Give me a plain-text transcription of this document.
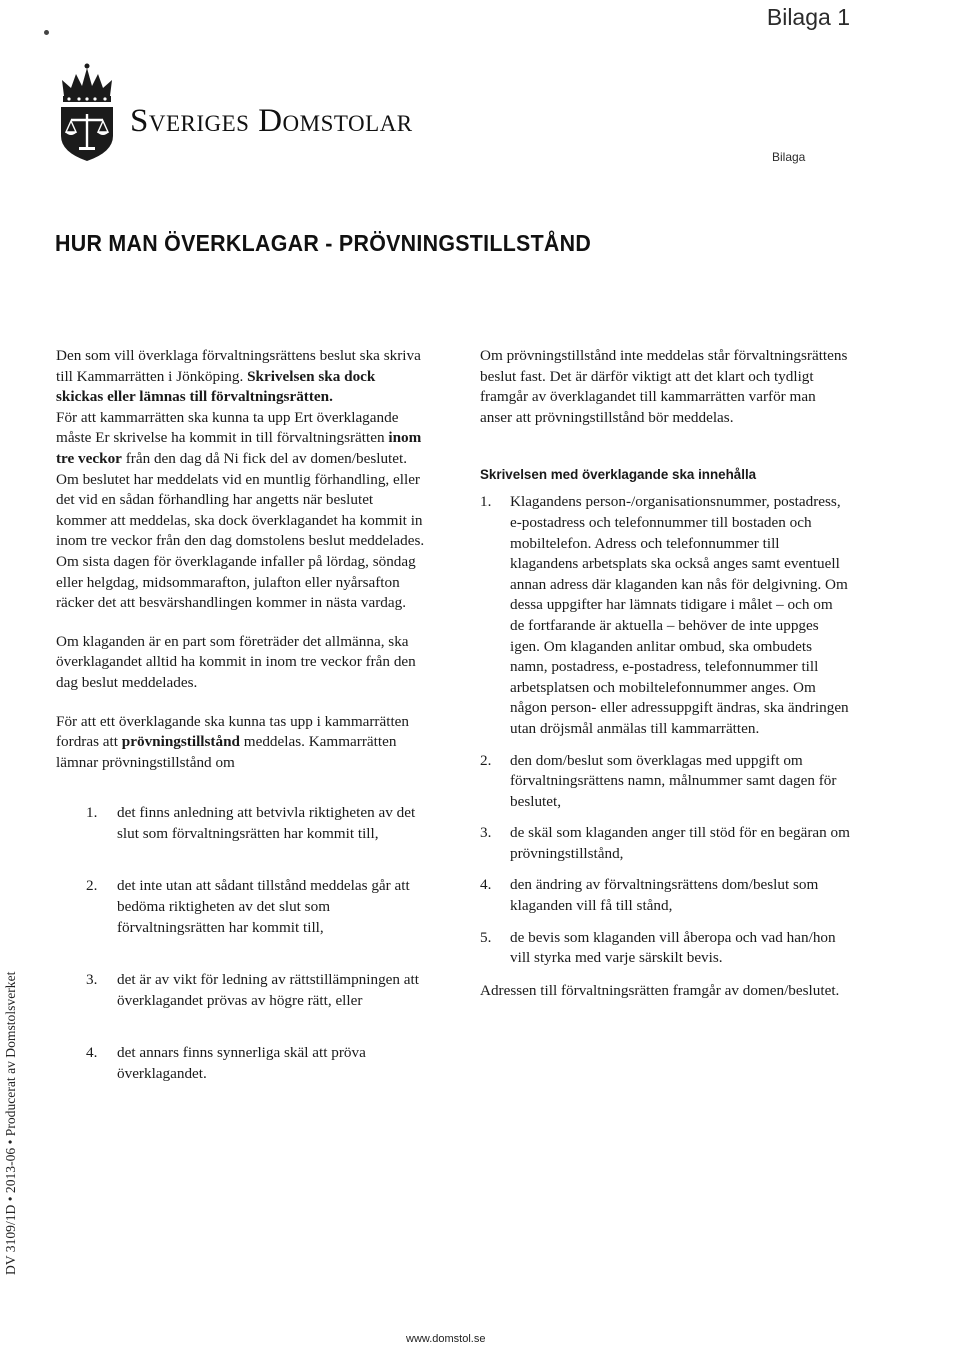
Bilaga 1
Sveriges Domstolar
Bilaga
HUR MAN ÖVERKLAGAR - PRÖVNINGSTILLSTÅND

Den som vill överklaga förvaltningsrättens beslut ska skriva till Kammarrätten i Jönköping. Skrivelsen ska dock skickas eller lämnas till förvaltningsrätten.

För att kammarrätten ska kunna ta upp Ert överklagande måste Er skrivelse ha kommit in till förvaltningsrätten inom tre veckor från den dag då Ni fick del av domen/beslutet. Om beslutet har meddelats vid en muntlig förhandling, eller det vid en sådan förhandling har angetts när beslutet kommer att meddelas, ska dock överklagandet ha kommit in inom tre veckor från den dag domstolens beslut meddelades. Om sista dagen för överklagande infaller på lördag, söndag eller helgdag, midsommarafton, julafton eller nyårsafton räcker det att besvärshandlingen kommer in nästa vardag.

Om klaganden är en part som företräder det allmänna, ska överklagandet alltid ha kommit in inom tre veckor från den dag beslut meddelades.

För att ett överklagande ska kunna tas upp i kammarrätten fordras att prövningstillstånd meddelas. Kammarrätten lämnar prövningstillstånd om

1. det finns anledning att betvivla riktigheten av det slut som förvaltningsrätten har kommit till,
2. det inte utan att sådant tillstånd meddelas går att bedöma riktigheten av det slut som förvaltningsrätten har kommit till,
3. det är av vikt för ledning av rättstillämpningen att överklagandet prövas av högre rätt, eller
4. det annars finns synnerliga skäl att pröva överklagandet.

Om prövningstillstånd inte meddelas står förvaltningsrättens beslut fast. Det är därför viktigt att det klart och tydligt framgår av överklagandet till kammarrätten varför man anser att prövningstillstånd bör meddelas.

Skrivelsen med överklagande ska innehålla
1. Klagandens person-/organisationsnummer, postadress, e-postadress och telefonnummer till bostaden och mobiltelefon. Adress och telefonnummer till klagandens arbetsplats ska också anges samt eventuell annan adress där klaganden kan nås för delgivning. Om dessa uppgifter har lämnats tidigare i målet – och om de fortfarande är aktuella – behöver de inte uppges igen. Om klaganden anlitar ombud, ska ombudets namn, postadress, e-postadress, telefonnummer till arbetsplatsen och mobiltelefonnummer anges. Om någon person- eller adressuppgift ändras, ska ändringen utan dröjsmål anmälas till kammarrätten.
2. den dom/beslut som överklagas med uppgift om förvaltningsrättens namn, målnummer samt dagen för beslutet,
3. de skäl som klaganden anger till stöd för en begäran om prövningstillstånd,
4. den ändring av förvaltningsrättens dom/beslut som klaganden vill få till stånd,
5. de bevis som klaganden vill åberopa och vad han/hon vill styrka med varje särskilt bevis.

Adressen till förvaltningsrätten framgår av domen/beslutet.

DV 3109/1D • 2013-06 • Producerat av Domstolsverket
www.domstol.se
